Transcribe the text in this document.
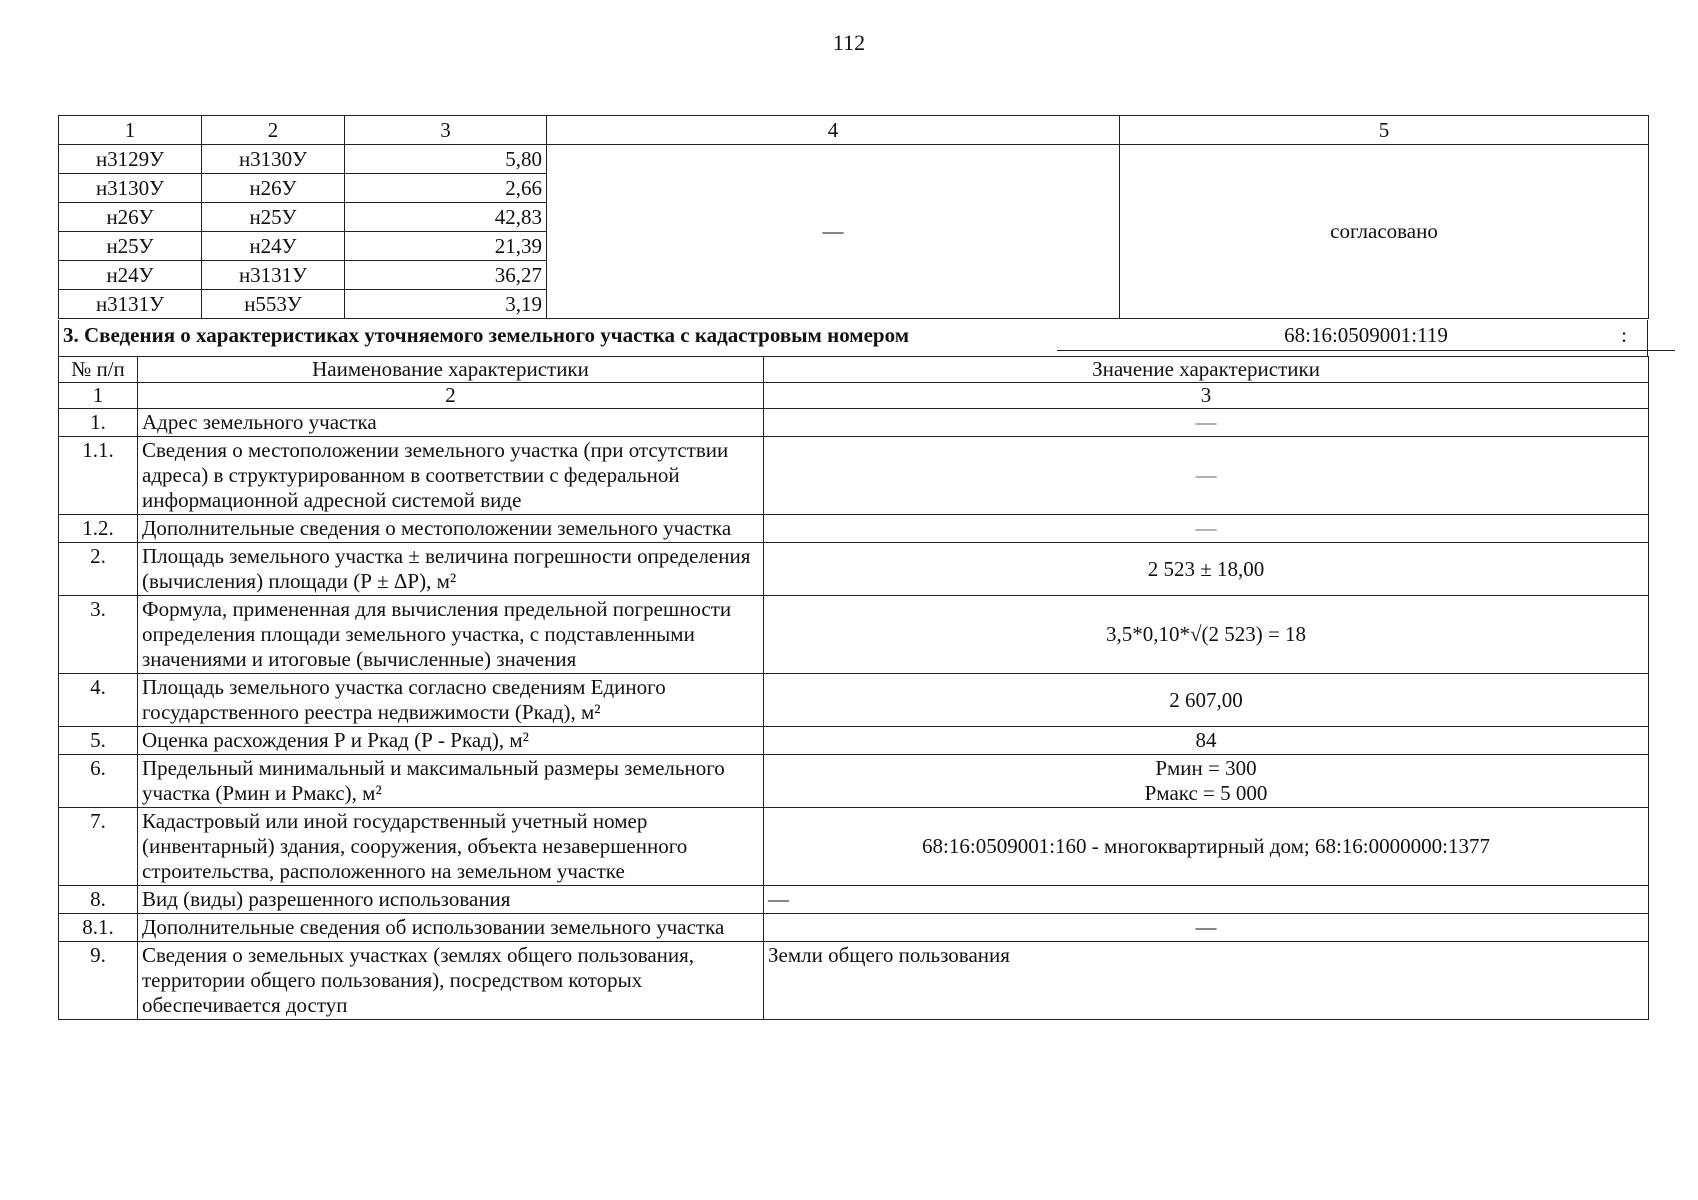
112
1	2	3	4	5
н3129У	н3130У	5,80	—	согласовано
н3130У	н26У	2,66		
н26У	н25У	42,83		
н25У	н24У	21,39		
н24У	н3131У	36,27		
н3131У	н553У	3,19		
3. Сведения о характеристиках уточняемого земельного участка с кадастровым номером	68:16:0509001:119	:
№ п/п	Наименование характеристики	Значение характеристики
1	2	3
1.	Адрес земельного участка	—
1.1.	Сведения о местоположении земельного участка (при отсутствии адреса) в структурированном в соответствии с федеральной информационной адресной системой виде	—
1.2.	Дополнительные сведения о местоположении земельного участка	—
2.	Площадь земельного участка ± величина погрешности определения (вычисления) площади (Р ± ΔР), м²	2 523 ± 18,00
3.	Формула, примененная для вычисления предельной погрешности определения площади земельного участка, с подставленными значениями и итоговые (вычисленные) значения	3,5*0,10*√(2 523) = 18
4.	Площадь земельного участка согласно сведениям Единого государственного реестра недвижимости (Ркад), м²	2 607,00
5.	Оценка расхождения Р и Ркад (Р - Ркад), м²	84
6.	Предельный минимальный и максимальный размеры земельного участка (Рмин и Рмакс), м²	Рмин = 300
Рмакс = 5 000

7.	Кадастровый или иной государственный учетный номер (инвентарный) здания, сооружения, объекта незавершенного строительства, расположенного на земельном участке	68:16:0509001:160 - многоквартирный дом; 68:16:0000000:1377
8.	Вид (виды) разрешенного использования	—
8.1.	Дополнительные сведения об использовании земельного участка	—
9.	Сведения о земельных участках (землях общего пользования, территории общего пользования), посредством которых обеспечивается доступ	Земли общего пользования
